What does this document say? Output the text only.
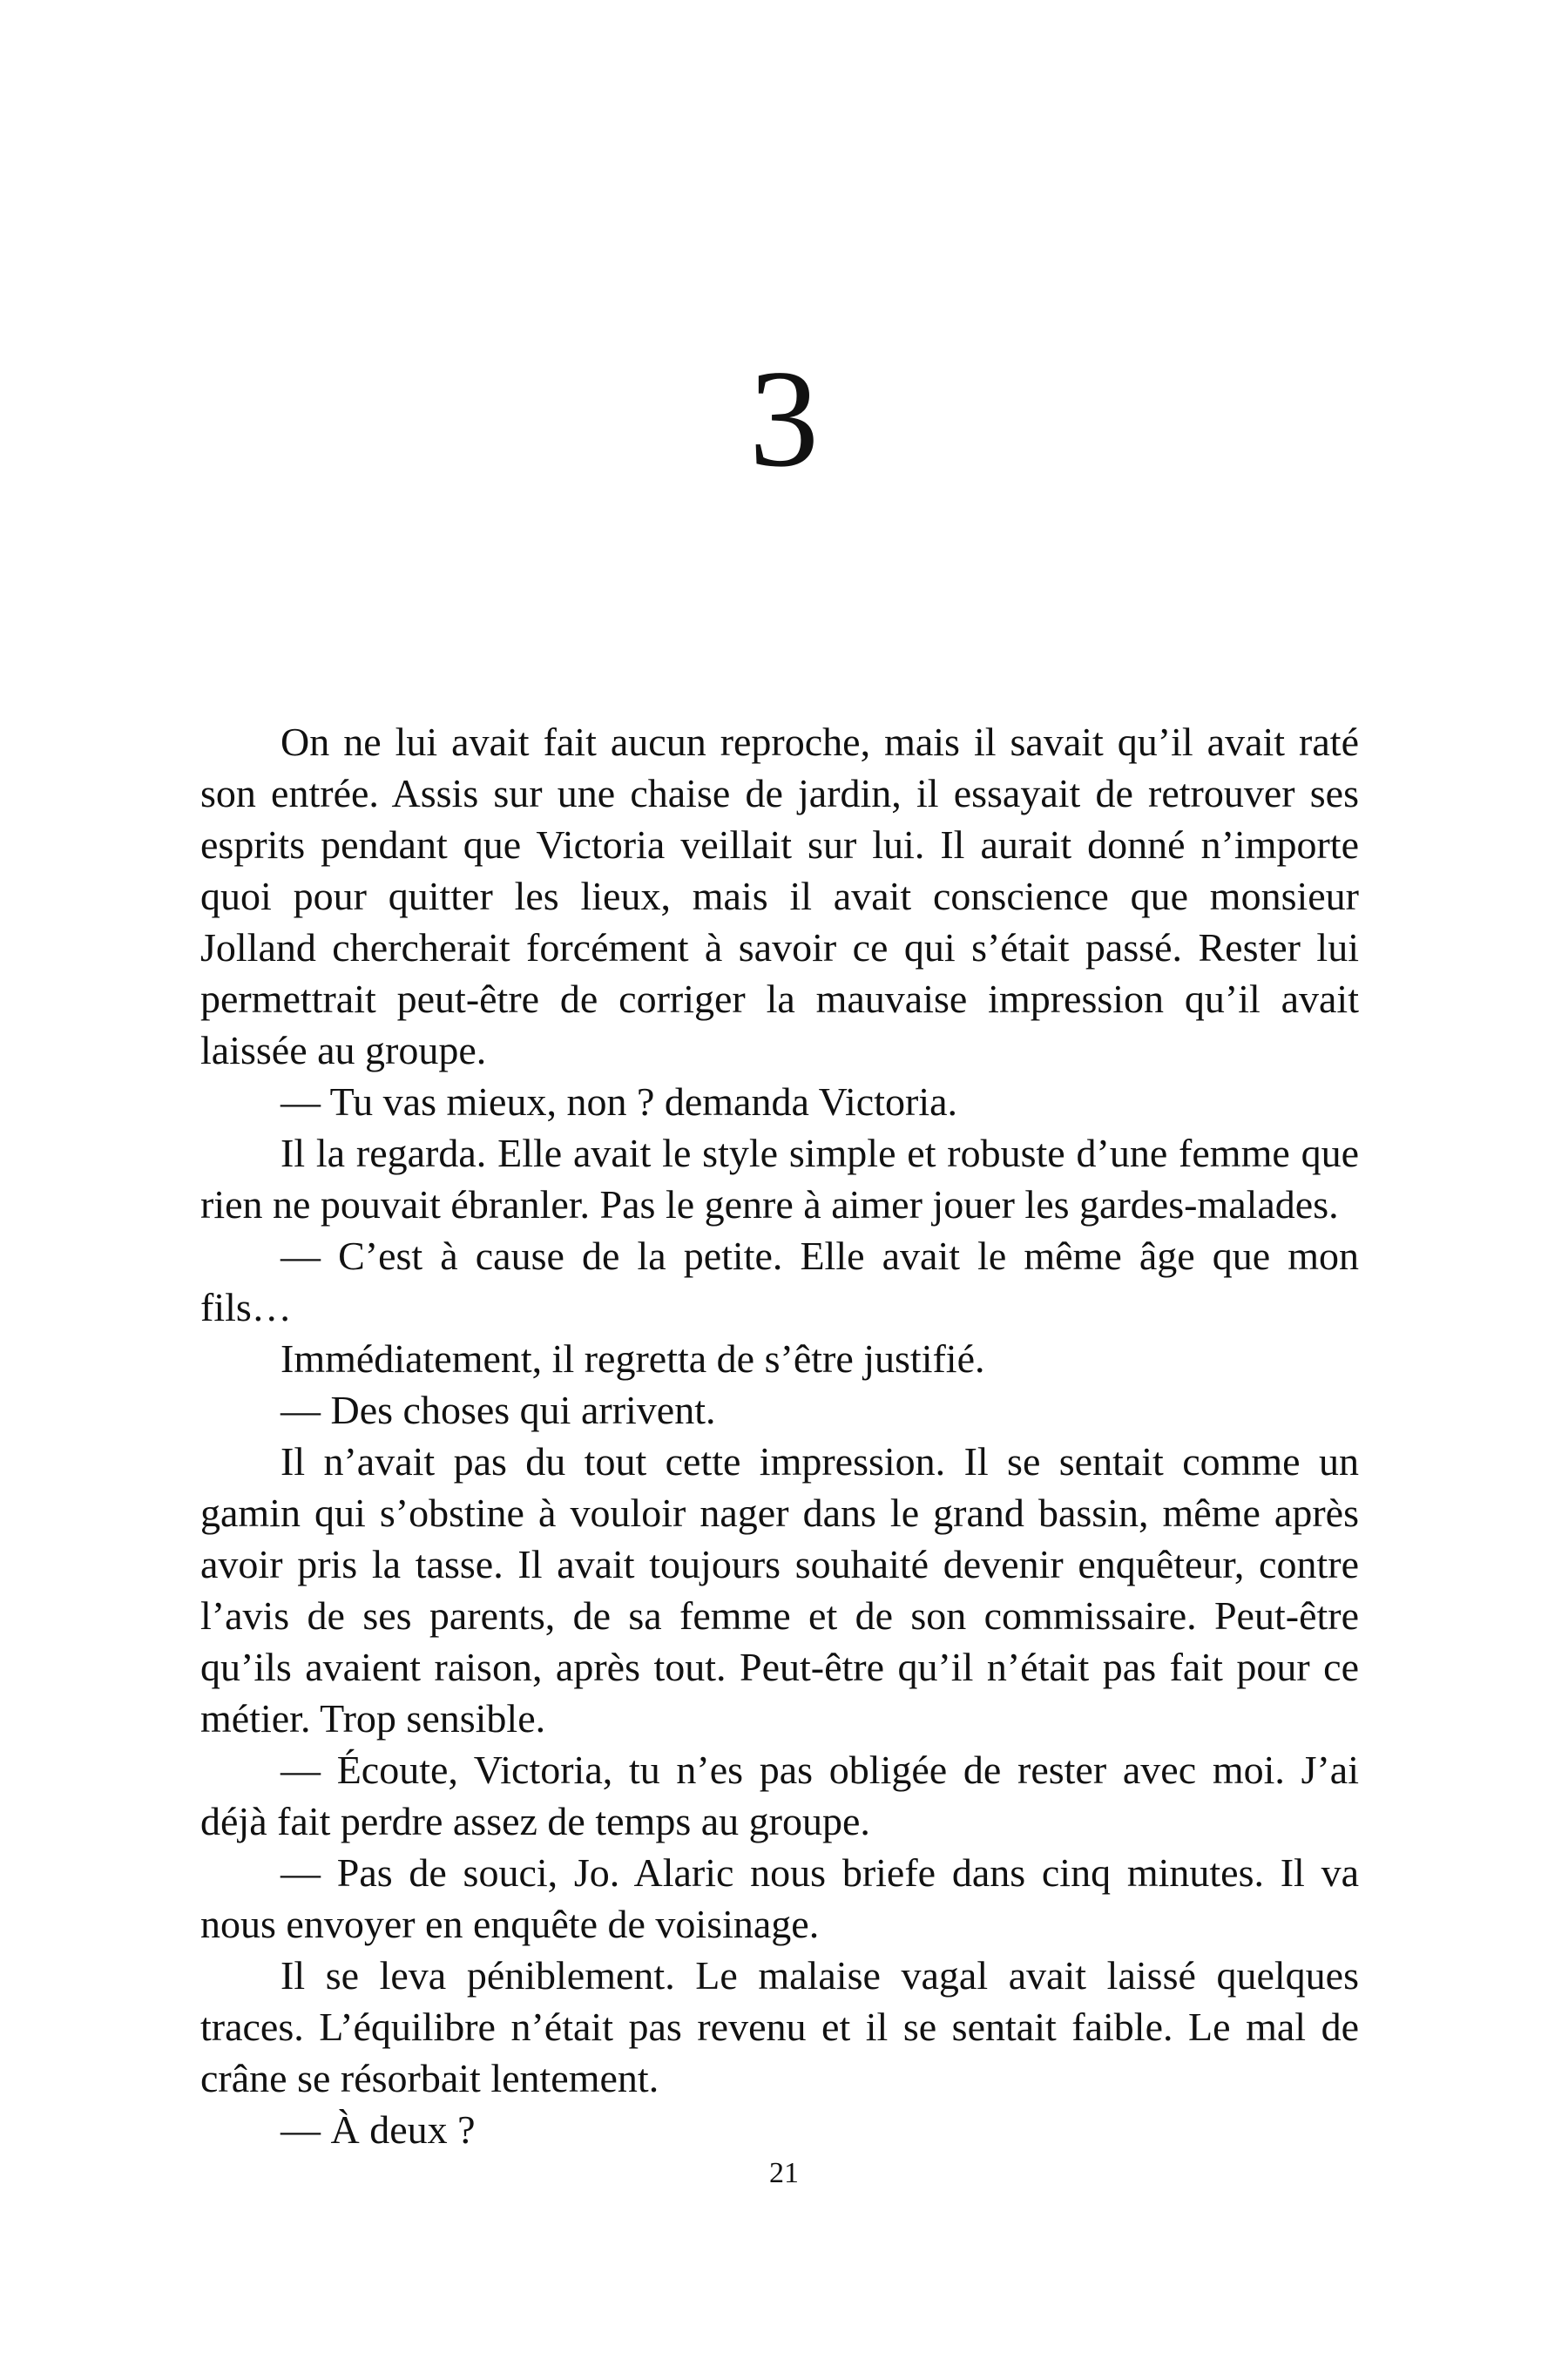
3

On ne lui avait fait aucun reproche, mais il savait qu’il avait raté son entrée. Assis sur une chaise de jardin, il essayait de retrouver ses esprits pendant que Victoria veillait sur lui. Il aurait donné n’importe quoi pour quitter les lieux, mais il avait conscience que monsieur Jolland chercherait forcément à savoir ce qui s’était passé. Rester lui permettrait peut-être de corriger la mauvaise impression qu’il avait laissée au groupe.

— Tu vas mieux, non ? demanda Victoria.

Il la regarda. Elle avait le style simple et robuste d’une femme que rien ne pouvait ébranler. Pas le genre à aimer jouer les gardes-malades.

— C’est à cause de la petite. Elle avait le même âge que mon fils…

Immédiatement, il regretta de s’être justifié.

— Des choses qui arrivent.

Il n’avait pas du tout cette impression. Il se sentait comme un gamin qui s’obstine à vouloir nager dans le grand bassin, même après avoir pris la tasse. Il avait toujours souhaité devenir enquêteur, contre l’avis de ses parents, de sa femme et de son commissaire. Peut-être qu’ils avaient raison, après tout. Peut-être qu’il n’était pas fait pour ce métier. Trop sensible.

— Écoute, Victoria, tu n’es pas obligée de rester avec moi. J’ai déjà fait perdre assez de temps au groupe.

— Pas de souci, Jo. Alaric nous briefe dans cinq minutes. Il va nous envoyer en enquête de voisinage.

Il se leva péniblement. Le malaise vagal avait laissé quelques traces. L’équilibre n’était pas revenu et il se sentait faible. Le mal de crâne se résorbait lentement.

— À deux ?

21
